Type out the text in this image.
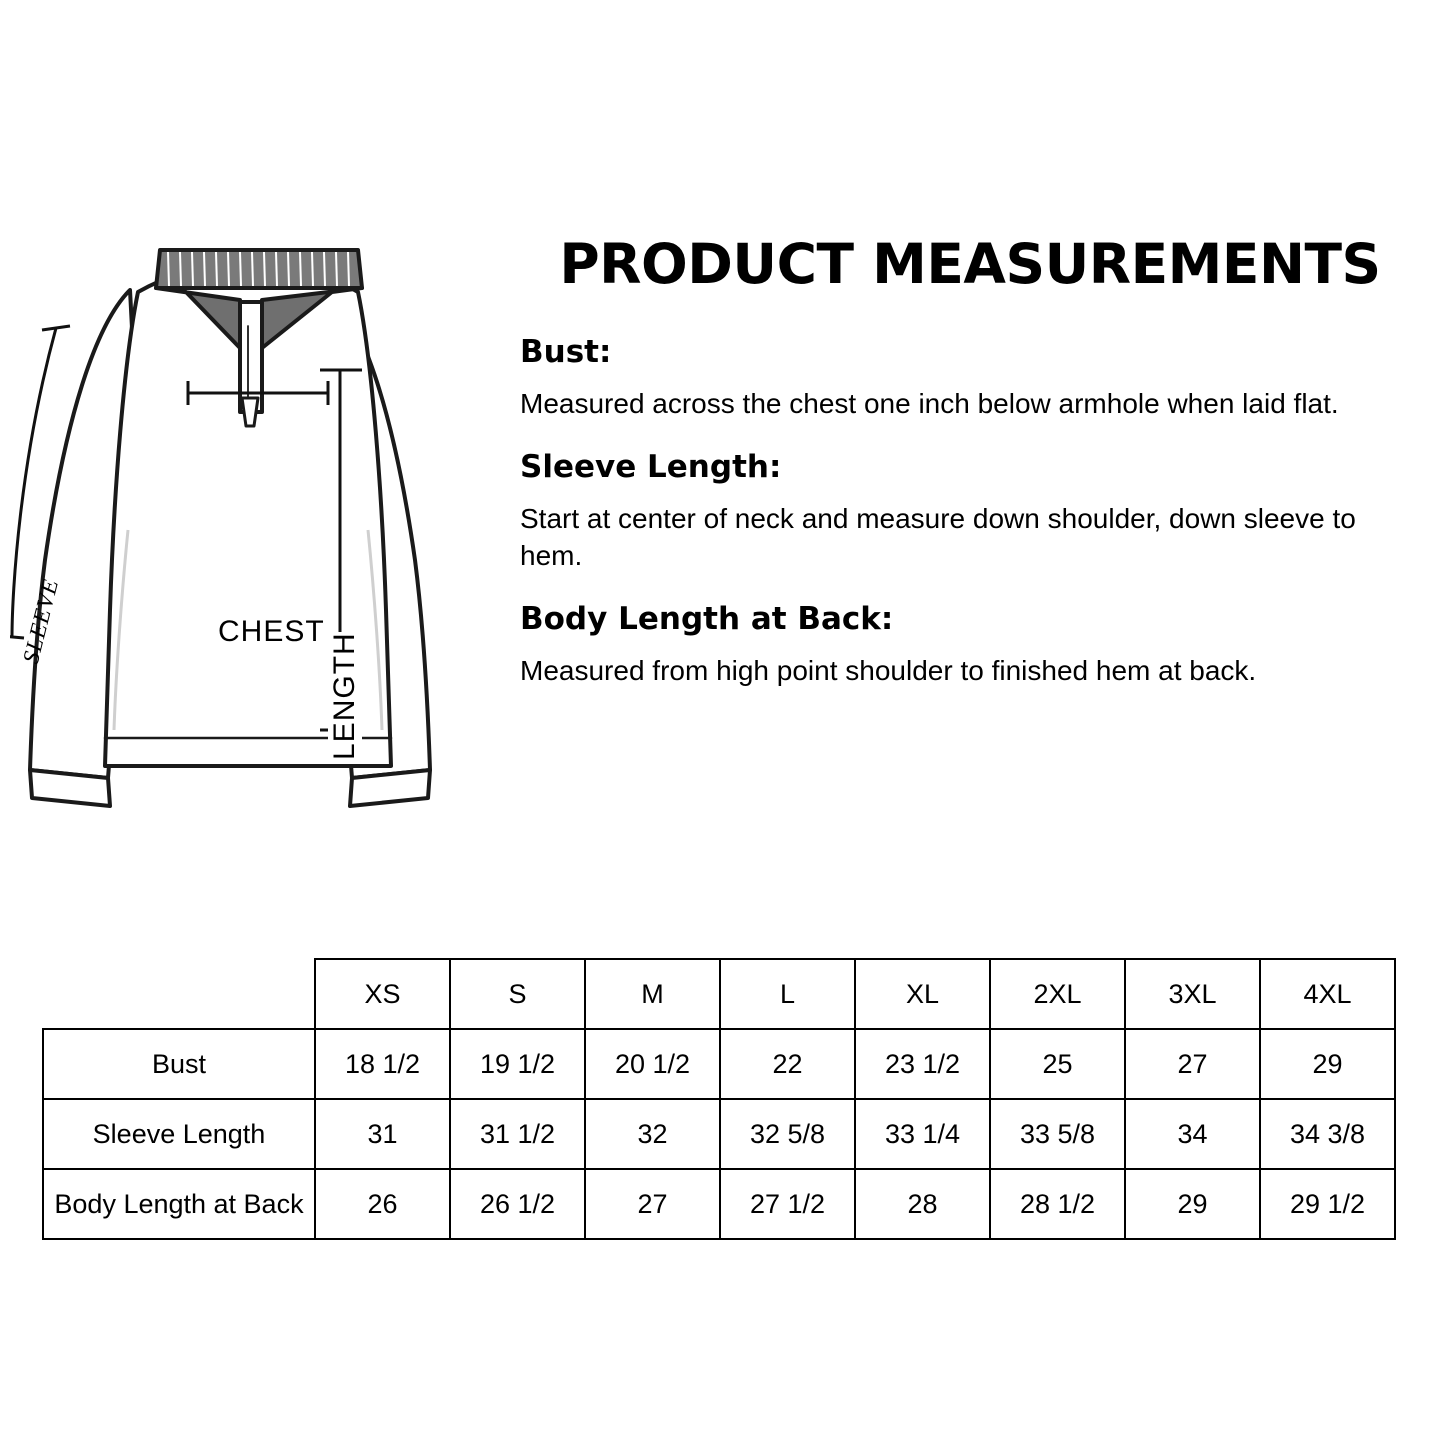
CHEST
LENGTH
SLEEVE
PRODUCT MEASUREMENTS

Bust:

Measured across the chest one inch below armhole when laid flat.

Sleeve Length:

Start at center of neck and measure down shoulder, down sleeve to hem.

Body Length at Back:

Measured from high point shoulder to finished hem at back.

	XS	S	M	L	XL	2XL	3XL	4XL
Bust	18 1/2	19 1/2	20 1/2	22	23 1/2	25	27	29
Sleeve Length	31	31 1/2	32	32 5/8	33 1/4	33 5/8	34	34 3/8
Body Length at Back	26	26 1/2	27	27 1/2	28	28 1/2	29	29 1/2
